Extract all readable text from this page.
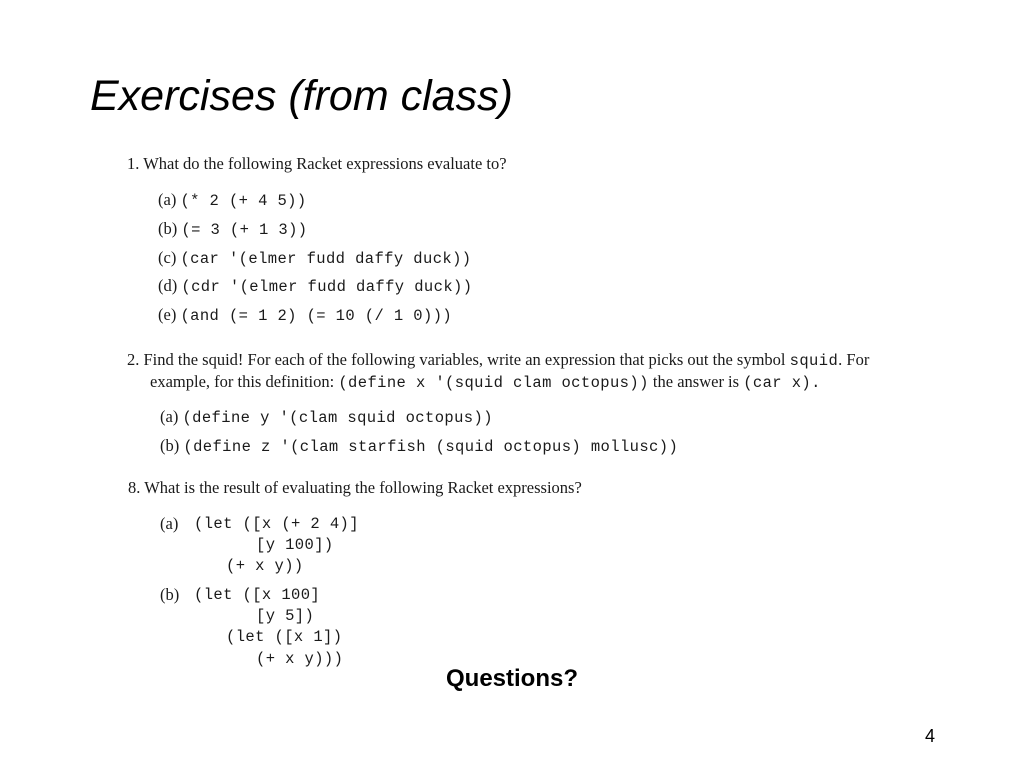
Exercises (from class)
1. What do the following Racket expressions evaluate to?
(a) (* 2 (+ 4 5))
(b) (= 3 (+ 1 3))
(c) (car '(elmer fudd daffy duck))
(d) (cdr '(elmer fudd daffy duck))
(e) (and (= 1 2) (= 10 (/ 1 0)))
2. Find the squid! For each of the following variables, write an expression that picks out the symbol squid. For
example, for this definition: (define x '(squid clam octopus)) the answer is (car x).
(a) (define y '(clam squid octopus))
(b) (define z '(clam starfish (squid octopus) mollusc))
8. What is the result of evaluating the following Racket expressions?
(a) (let ([x (+ 2 4)]
[y 100])
(+ x y))
(b) (let ([x 100]
[y 5])
(let ([x 1])
(+ x y)))
Questions?
4
